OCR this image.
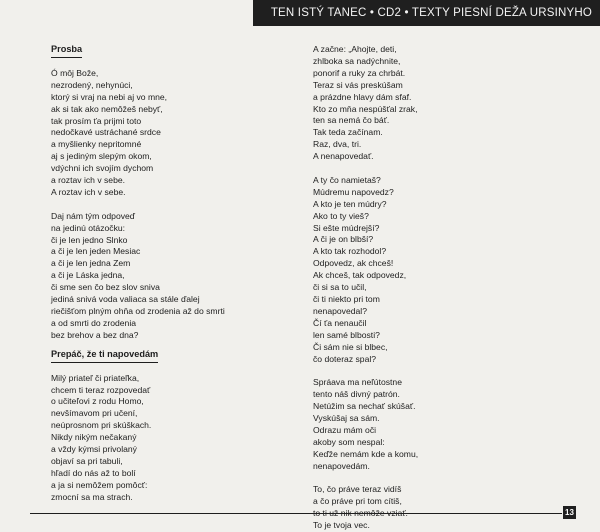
TEN ISTÝ TANEC • CD2 • TEXTY PIESNÍ DEŽA URSINYHO
Prosba
Ó môj Bože,
nezrodený, nehynúci,
ktorý si vraj na nebi aj vo mne,
ak si tak ako nemôžeš nebyť,
tak prosím ťa prijmi toto
nedočkavé ustráchané srdce
a myšlienky nepritomné
aj s jediným slepým okom,
vdýchni ich svojím dychom
a roztav ich v sebe.
A roztav ich v sebe.
Daj nám tým odpoveď
na jedinú otázočku:
či je len jedno Slnko
a či je len jeden Mesiac
a či je len jedna Zem
a či je Láska jedna,
či sme sen čo bez slov sniva
jediná snivá voda valiaca sa stále ďalej
riečišťom plným ohňa od zrodenia až do smrti
a od smrti do zrodenia
bez brehov a bez dna?
Prepáč, že ti napovedám
Milý priateľ či priateľka,
chcem ti teraz rozpovedať
o učiteľovi z rodu Homo,
nevšímavom pri učení,
neúprosnom pri skúškach.
Nikdy nikým nečakaný
a vždy kýmsi privolaný
objaví sa pri tabuli,
hľadí do nás až to bolí
a ja si nemôžem pomôcť:
zmocní sa ma strach.
A začne: „Ahojte, deti,
zhlboka sa nadýchnite,
ponorif a ruky za chrbát.
Teraz si vás preskúšam
a prázdne hlavy dám sfaf.
Kto zo mňa nespúšťal zrak,
ten sa nemá čo báť.
Tak teda začínam.
Raz, dva, tri.
A nenapovedať.
A ty čo namietaš?
Múdremu napovedz?
A kto je ten múdry?
Ako to ty vieš?
Si ešte múdrejší?
A či je on blbší?
A kto tak rozhodol?
Odpovedz, ak chceš!
Ak chceš, tak odpovedz,
či si sa to učil,
či ti niekto pri tom
nenapovedal?
Čí ťa nenaučil
len samé blbosti?
Či sám nie si blbec,
čo doteraz spal?
Spráava ma neľútostne
tento náš divný patrón.
Netúžim sa nechať skúšať.
Vyskúšaj sa sám.
Odrazu mám oči
akoby som nespal:
Keďže nemám kde a komu,
nenapovedám.
To, čo práve teraz vidíš
a čo práve pri tom cítiš,
To je tvoja vec.
13
